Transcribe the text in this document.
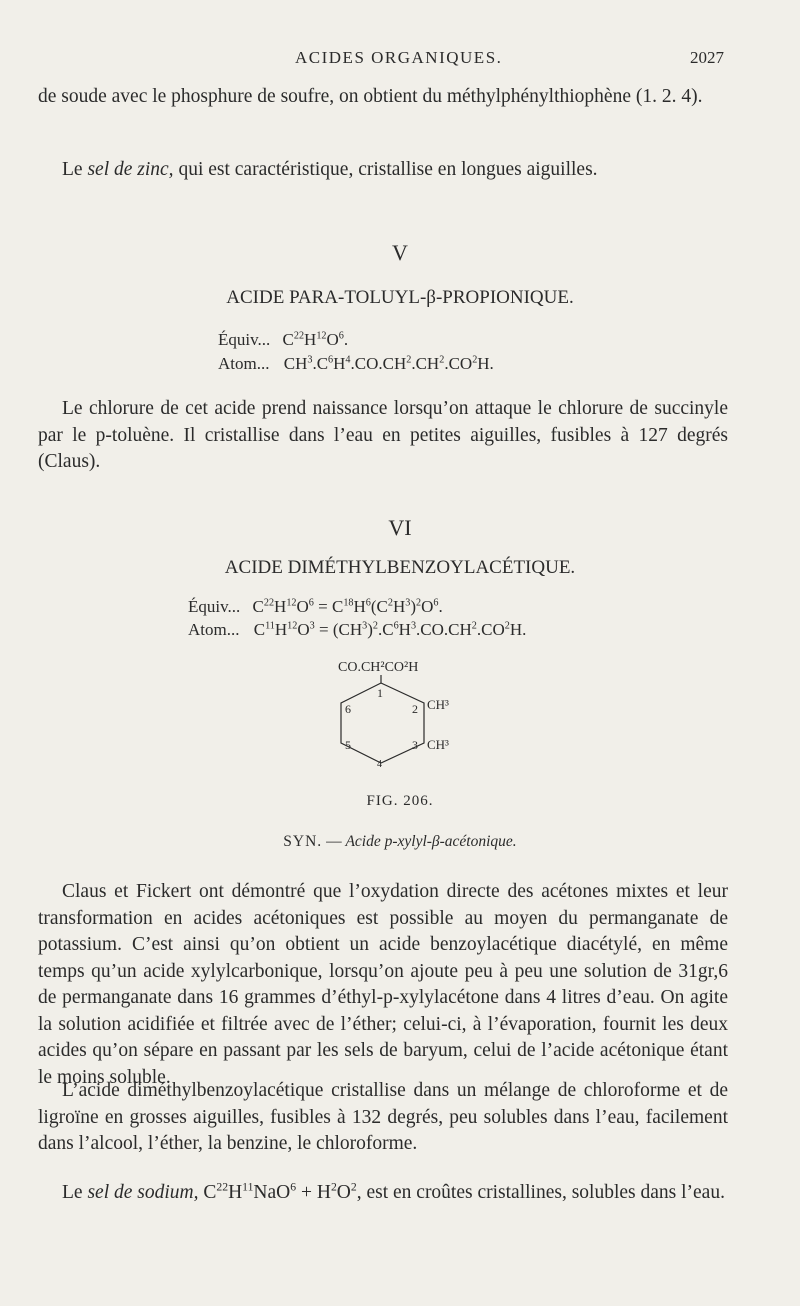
ACIDES ORGANIQUES.	2027

de soude avec le phosphure de soufre, on obtient du méthylphénylthiophène (1. 2. 4).

Le sel de zinc, qui est caractéristique, cristallise en longues aiguilles.

V
ACIDE PARA-TOLUYL-β-PROPIONIQUE.
Équiv... $C^{22}H^{12}O^6$.
Atom... $CH^3.C^6H^4.CO.CH^2.CH^2.CO^2H$.

Le chlorure de cet acide prend naissance lorsqu’on attaque le chlorure de succinyle par le p-toluène. Il cristallise dans l’eau en petites aiguilles, fusibles à 127 degrés (Claus).

VI
ACIDE DIMÉTHYLBENZOYLACÉTIQUE.
Équiv... $C^{22}H^{12}O^6 = C^{18}H^6(C^2H^3)^2O^6$.
Atom... $C^{11}H^{12}O^3 = (CH^3)^2.C^6H^3.CO.CH^2.CO^2H$.
CO.CH²CO²H
1
2
3
4
5
6	CH³
CH³
FIG. 206.
SYN. — Acide p-xylyl-β-acétonique.

Claus et Fickert ont démontré que l’oxydation directe des acétones mixtes et leur transformation en acides acétoniques est possible au moyen du permanganate de potassium. C’est ainsi qu’on obtient un acide benzoylacétique diacétylé, en même temps qu’un acide xylylcarbonique, lorsqu’on ajoute peu à peu une solution de 31gr,6 de permanganate dans 16 grammes d’éthyl-p-xylylacétone dans 4 litres d’eau. On agite la solution acidifiée et filtrée avec de l’éther; celui-ci, à l’évaporation, fournit les deux acides qu’on sépare en passant par les sels de baryum, celui de l’acide acétonique étant le moins soluble.

L’acide diméthylbenzoylacétique cristallise dans un mélange de chloroforme et de ligroïne en grosses aiguilles, fusibles à 132 degrés, peu solubles dans l’eau, facilement dans l’alcool, l’éther, la benzine, le chloroforme.

Le sel de sodium, $C^{22}H^{11}NaO^6 + H^2O^2$, est en croûtes cristallines, solubles dans l’eau.
